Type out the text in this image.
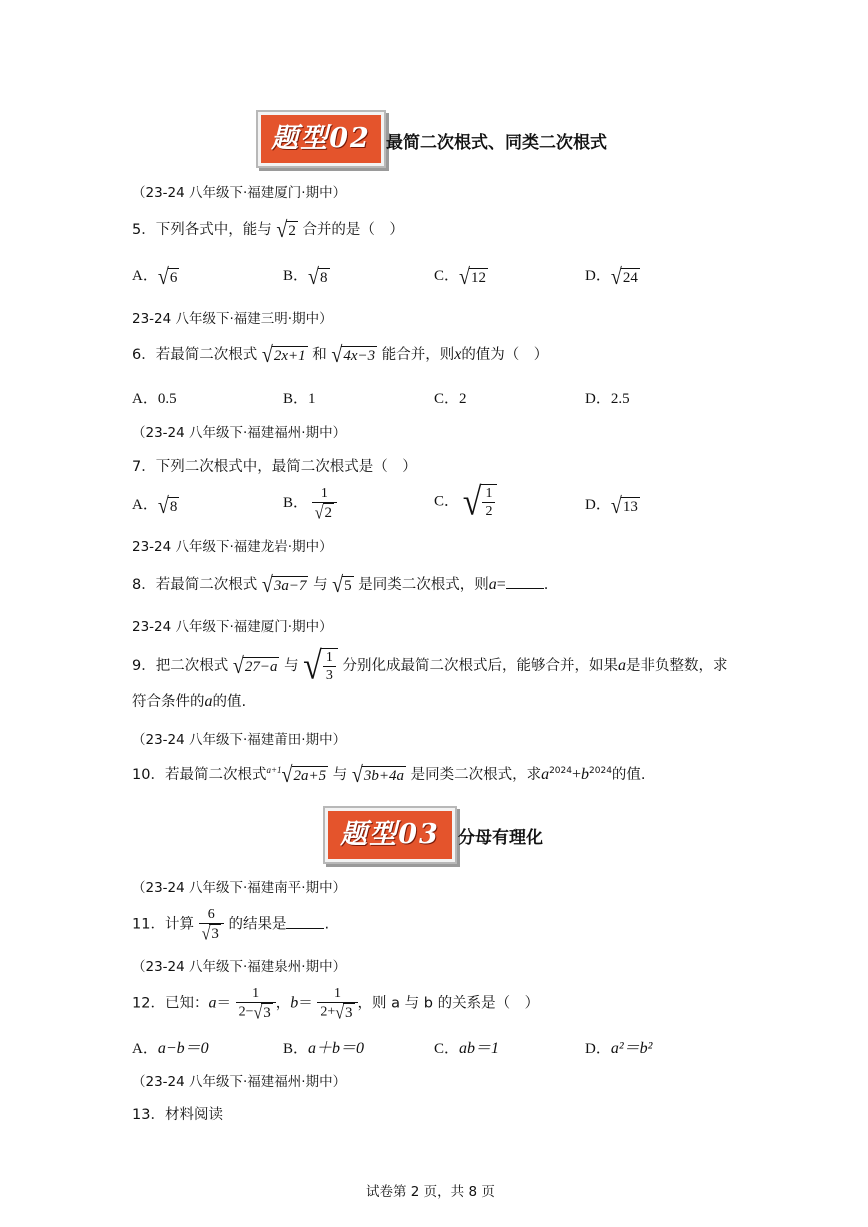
题型02 最简二次根式、同类二次根式
（23-24 八年级下·福建厦门·期中）
5．下列各式中，能与 √ 2 合并的是（　）
A． √ 6	B． √ 8	C． √ 12	D． √ 24
23-24 八年级下·福建三明·期中）
6．若最简二次根式 √ 2x+1 和 √ 4x−3 能合并，则x的值为（　）
A．0.5	B．1	C．2	D．2.5
（23-24 八年级下·福建福州·期中）
7．下列二次根式中，最简二次根式是（　）
A． √ 8	B． $\frac{1}{√ 2}$	C． √ $\frac{1}{2}$	D． √ 13
23-24 八年级下·福建龙岩·期中）
8．若最简二次根式 √ 3a−7 与 √ 5 是同类二次根式，则a=	.
23-24 八年级下·福建厦门·期中）
9．把二次根式 √ 27−a 与 √ $\frac{1}{3}$ 分别化成最简二次根式后，能够合并，如果a是非负整数，求
符合条件的a的值.
（23-24 八年级下·福建莆田·期中）
10．若最简二次根式$^{a+1}$ √ 2a+5 与 √ 3b+4a 是同类二次根式，求$a^{2024}+b^{2024}$的值.
题型03	分母有理化
（23-24 八年级下·福建南平·期中）
11．计算 $\frac{6}{√ 3}$ 的结果是	.
（23-24 八年级下·福建泉州·期中）
12．已知：$a= \frac{1}{2- √ 3}$ ，$b= \frac{1}{2+ √ 3}$ ，则 a 与 b 的关系是（　）
A．a−b＝0	B．a＋b＝0	C．ab＝1	D．a²＝b²
（23-24 八年级下·福建福州·期中）
13．材料阅读
试卷第 2 页，共 8 页
